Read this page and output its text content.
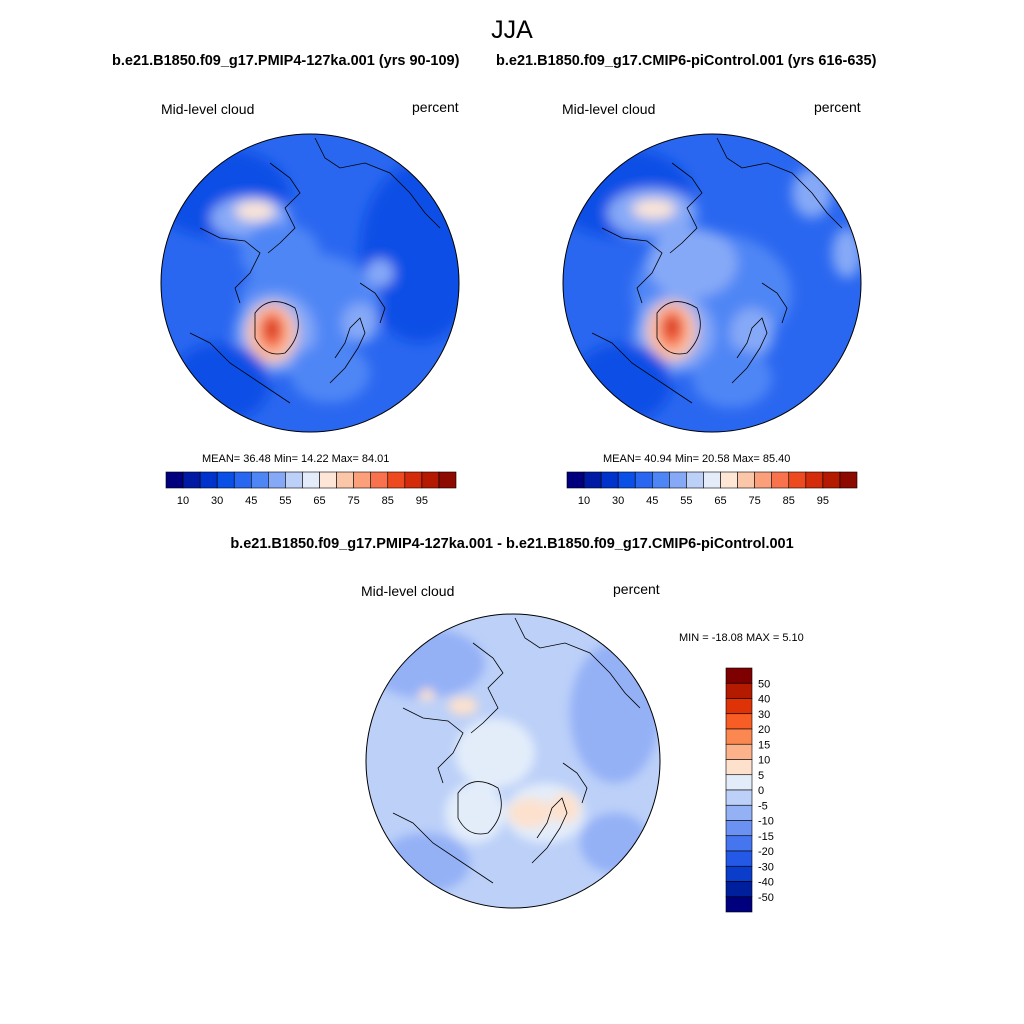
JJA
b.e21.B1850.f09_g17.PMIP4-127ka.001 (yrs 90-109)	b.e21.B1850.f09_g17.CMIP6-piControl.001 (yrs 616-635)
Mid-level cloud	percent	Mid-level cloud	percent
MEAN= 36.48 Min= 14.22 Max= 84.01
10 30 45 55 65 75 85 95
MEAN= 40.94 Min= 20.58 Max= 85.40
10 30 45 55 65 75 85 95
b.e21.B1850.f09_g17.PMIP4-127ka.001 - b.e21.B1850.f09_g17.CMIP6-piControl.001
Mid-level cloud	percent
MIN = -18.08 MAX = 5.10
50
40
30
20
15
10
5
0
-5
-10
-15
-20
-30
-40
-50
